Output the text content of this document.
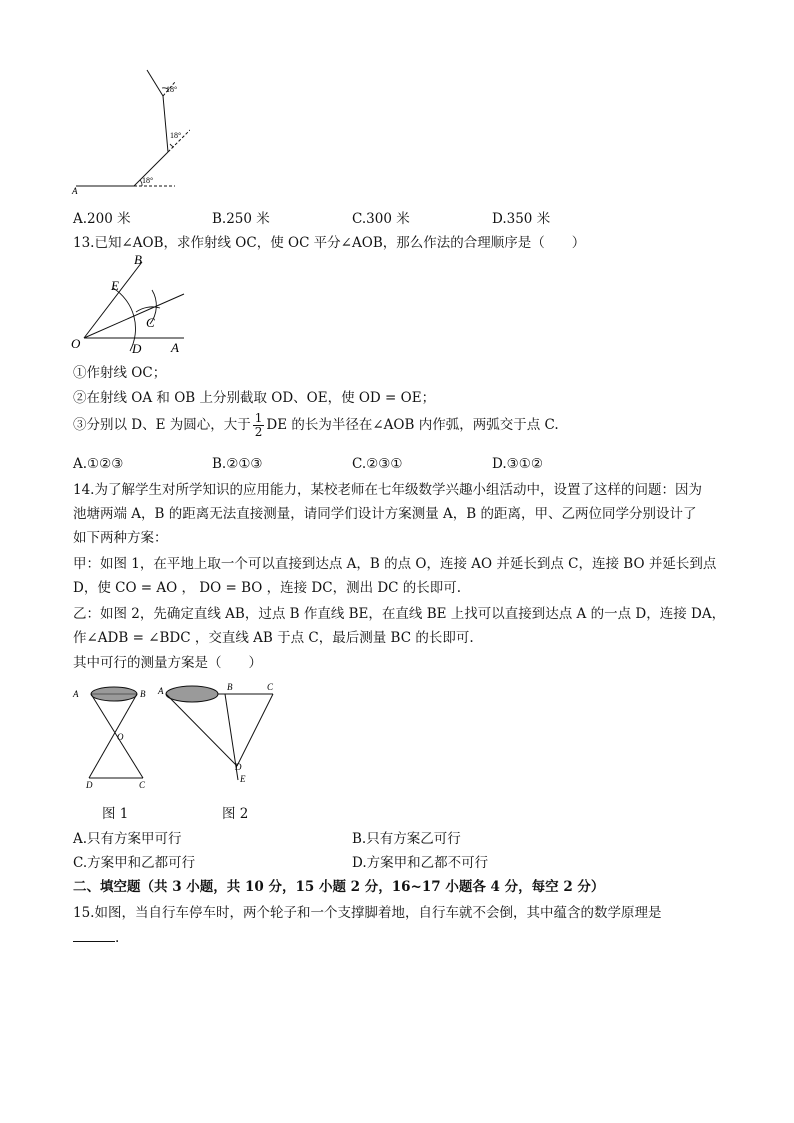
18°
18°
18°
A
A.200 米	B.250 米	C.300 米	D.350 米
13.已知∠AOB，求作射线 OC，使 OC 平分∠AOB，那么作法的合理顺序是（　　）
B
E
C
O	D A
①作射线 OC；
②在射线 OA 和 OB 上分别截取 OD、OE，使 OD = OE；
③分别以 D、E 为圆心，大于 $\frac{1}{2}$ DE 的长为半径在∠AOB 内作弧，两弧交于点 C.
A.①②③	B.②①③	C.②③①	D.③①②
14.为了解学生对所学知识的应用能力，某校老师在七年级数学兴趣小组活动中，设置了这样的问题：因为
池塘两端 A，B 的距离无法直接测量，请同学们设计方案测量 A，B 的距离，甲、乙两位同学分别设计了
如下两种方案：
甲：如图 1，在平地上取一个可以直接到达点 A，B 的点 O，连接 AO 并延长到点 C，连接 BO 并延长到点
D，使 CO = AO ， DO = BO ，连接 DC，测出 DC 的长即可.
乙：如图 2，先确定直线 AB，过点 B 作直线 BE，在直线 BE 上找可以直接到达点 A 的一点 D，连接 DA，
作∠ADB = ∠BDC ，交直线 AB 于点 C，最后测量 BC 的长即可.
其中可行的测量方案是（　　）
A	B
O
D	C
图 1
A	B	C
D
E
图 2
A.只有方案甲可行	B.只有方案乙可行
C.方案甲和乙都可行	D.方案甲和乙都不可行
二、填空题（共 3 小题，共 10 分，15 小题 2 分，16~17 小题各 4 分，每空 2 分）
15.如图，当自行车停车时，两个轮子和一个支撑脚着地，自行车就不会倒，其中蕴含的数学原理是
.
